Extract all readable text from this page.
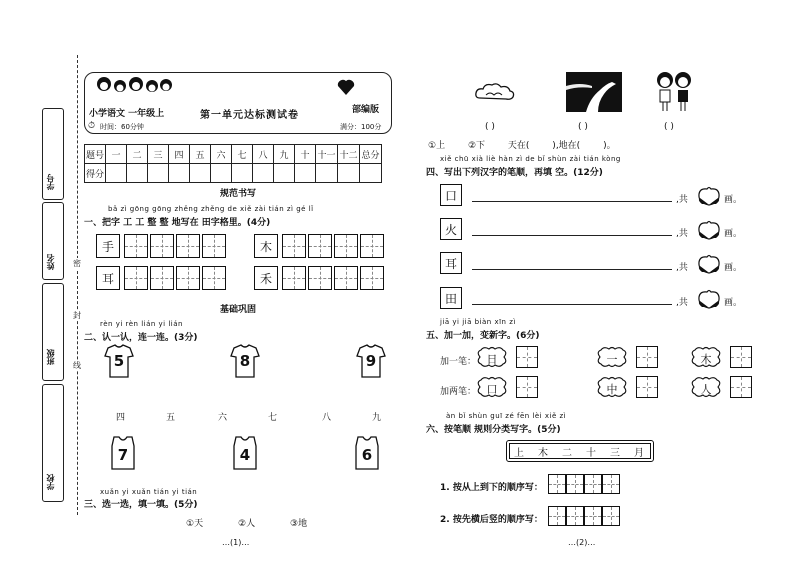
学号
姓名
班级
学校
密
封
线
小学语文 一年级上	第一单元达标测试卷	部编版
⏱ 时间：60分钟	满分：100分
题号	一	二	三	四	五	六	七	八	九	十	十一	十二	总分
得分													
规范书写
bǎ zì gōng gōng zhěng zhěng de xiě zài tián zì gé lǐ
一、把字 工 工 整 整 地写在 田字格里。(4分)
手	木
耳	禾
基础巩固
rèn yi rèn lián yi lián
二、认一认，连一连。(3分)
5	8	9
四	五	六	七	八	九
7	4	6
xuǎn yi xuǎn tián yi tián
三、选一选，填一填。(5分)
①天	②人	③地
…(1)…
( )	( )	( )
①上        ②下        天在(        ),地在(        )。
xiě chū xià liè hàn zì de bǐ shùn zài tián kòng
四、写出下列汉字的笔顺，再填 空。(12分)
口	,共	画。
火	,共	画。
耳	,共	画。
田	,共	画。
jiā yi jiā biàn xīn zì
五、加一加，变新字。(6分)
加一笔： 日	一	木
加两笔： 口	中	人
àn bǐ shùn guī zé fēn lèi xiě zì
六、按笔顺 规则分类写字。(5分)
上 木 二 十 三 月
1. 按从上到下的顺序写：
2. 按先横后竖的顺序写：
…(2)…
